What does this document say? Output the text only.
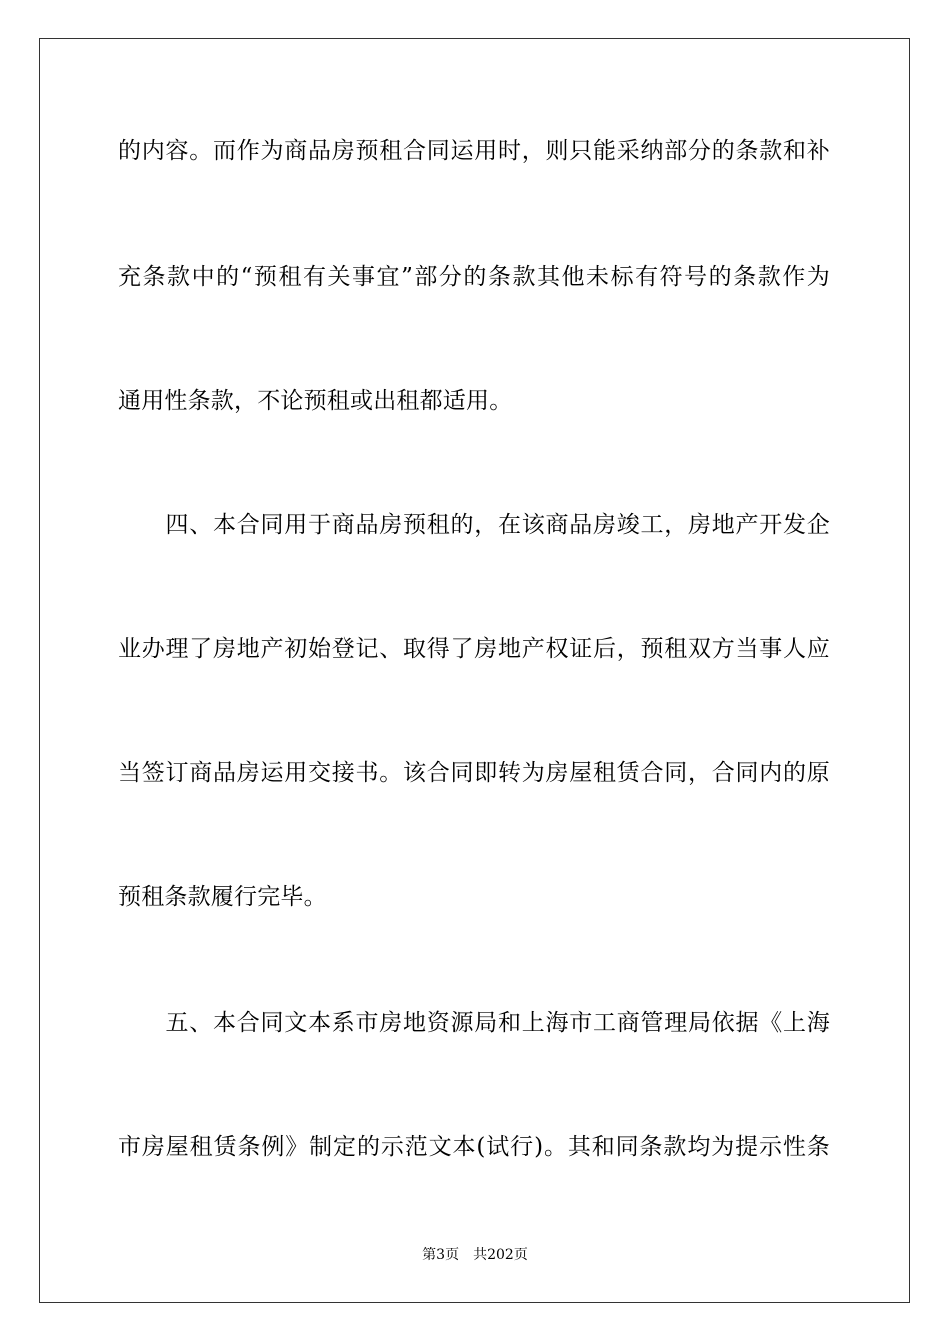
的内容。而作为商品房预租合同运用时，则只能采纳部分的条款和补
充条款中的“预租有关事宜”部分的条款其他未标有符号的条款作为
通用性条款，不论预租或出租都适用。
　　四、本合同用于商品房预租的，在该商品房竣工，房地产开发企
业办理了房地产初始登记、取得了房地产权证后，预租双方当事人应
当签订商品房运用交接书。该合同即转为房屋租赁合同，合同内的原
预租条款履行完毕。
　　五、本合同文本系市房地资源局和上海市工商管理局依据《上海
市房屋租赁条例》制定的示范文本(试行)。其和同条款均为提示性条
第3页 共202页
